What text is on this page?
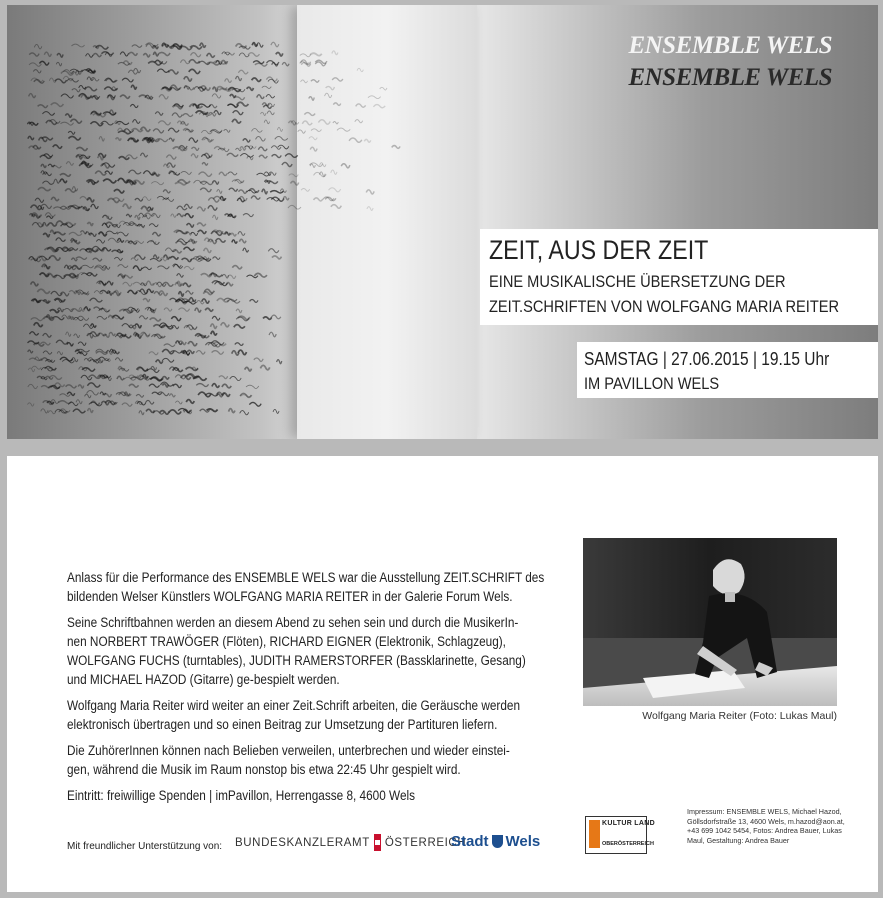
ENSEMBLE WELS
ENSEMBLE WELS
ZEIT, AUS DER ZEIT
EINE MUSIKALISCHE ÜBERSETZUNG DER
ZEIT.SCHRIFTEN VON WOLFGANG MARIA REITER
SAMSTAG | 27.06.2015 | 19.15 Uhr
IM PAVILLON WELS

Anlass für die Performance des ENSEMBLE WELS war die Ausstellung ZEIT.SCHRIFT des

bildenden Welser Künstlers WOLFGANG MARIA REITER in der Galerie Forum Wels.

Seine Schriftbahnen werden an diesem Abend zu sehen sein und durch die MusikerIn-

nen NORBERT TRAWÖGER (Flöten), RICHARD EIGNER (Elektronik, Schlagzeug),

WOLFGANG FUCHS (turntables), JUDITH RAMERSTORFER (Bassklarinette, Gesang)

und MICHAEL HAZOD (Gitarre) ge-bespielt werden.

Wolfgang Maria Reiter wird weiter an einer Zeit.Schrift arbeiten, die Geräusche werden

elektronisch übertragen und so einen Beitrag zur Umsetzung der Partituren liefern.

Die ZuhörerInnen können nach Belieben verweilen, unterbrechen und wieder einstei-

gen, während die Musik im Raum nonstop bis etwa 22:45 Uhr gespielt wird.

Eintritt: freiwillige Spenden | imPavillon, Herrengasse 8, 4600 Wels

Wolfgang Maria Reiter (Foto: Lukas Maul)
Mit freundlicher Unterstützung von: BUNDESKANZLERAMT ÖSTERREICH
Stadt Wels
KULTUR LAND
OBERÖSTERREICH
Impressum: ENSEMBLE WELS, Michael Hazod,
Göllsdorfstraße 13, 4600 Wels, m.hazod@aon.at,
+43 699 1042 5454, Fotos: Andrea Bauer, Lukas
Maul, Gestaltung: Andrea Bauer
